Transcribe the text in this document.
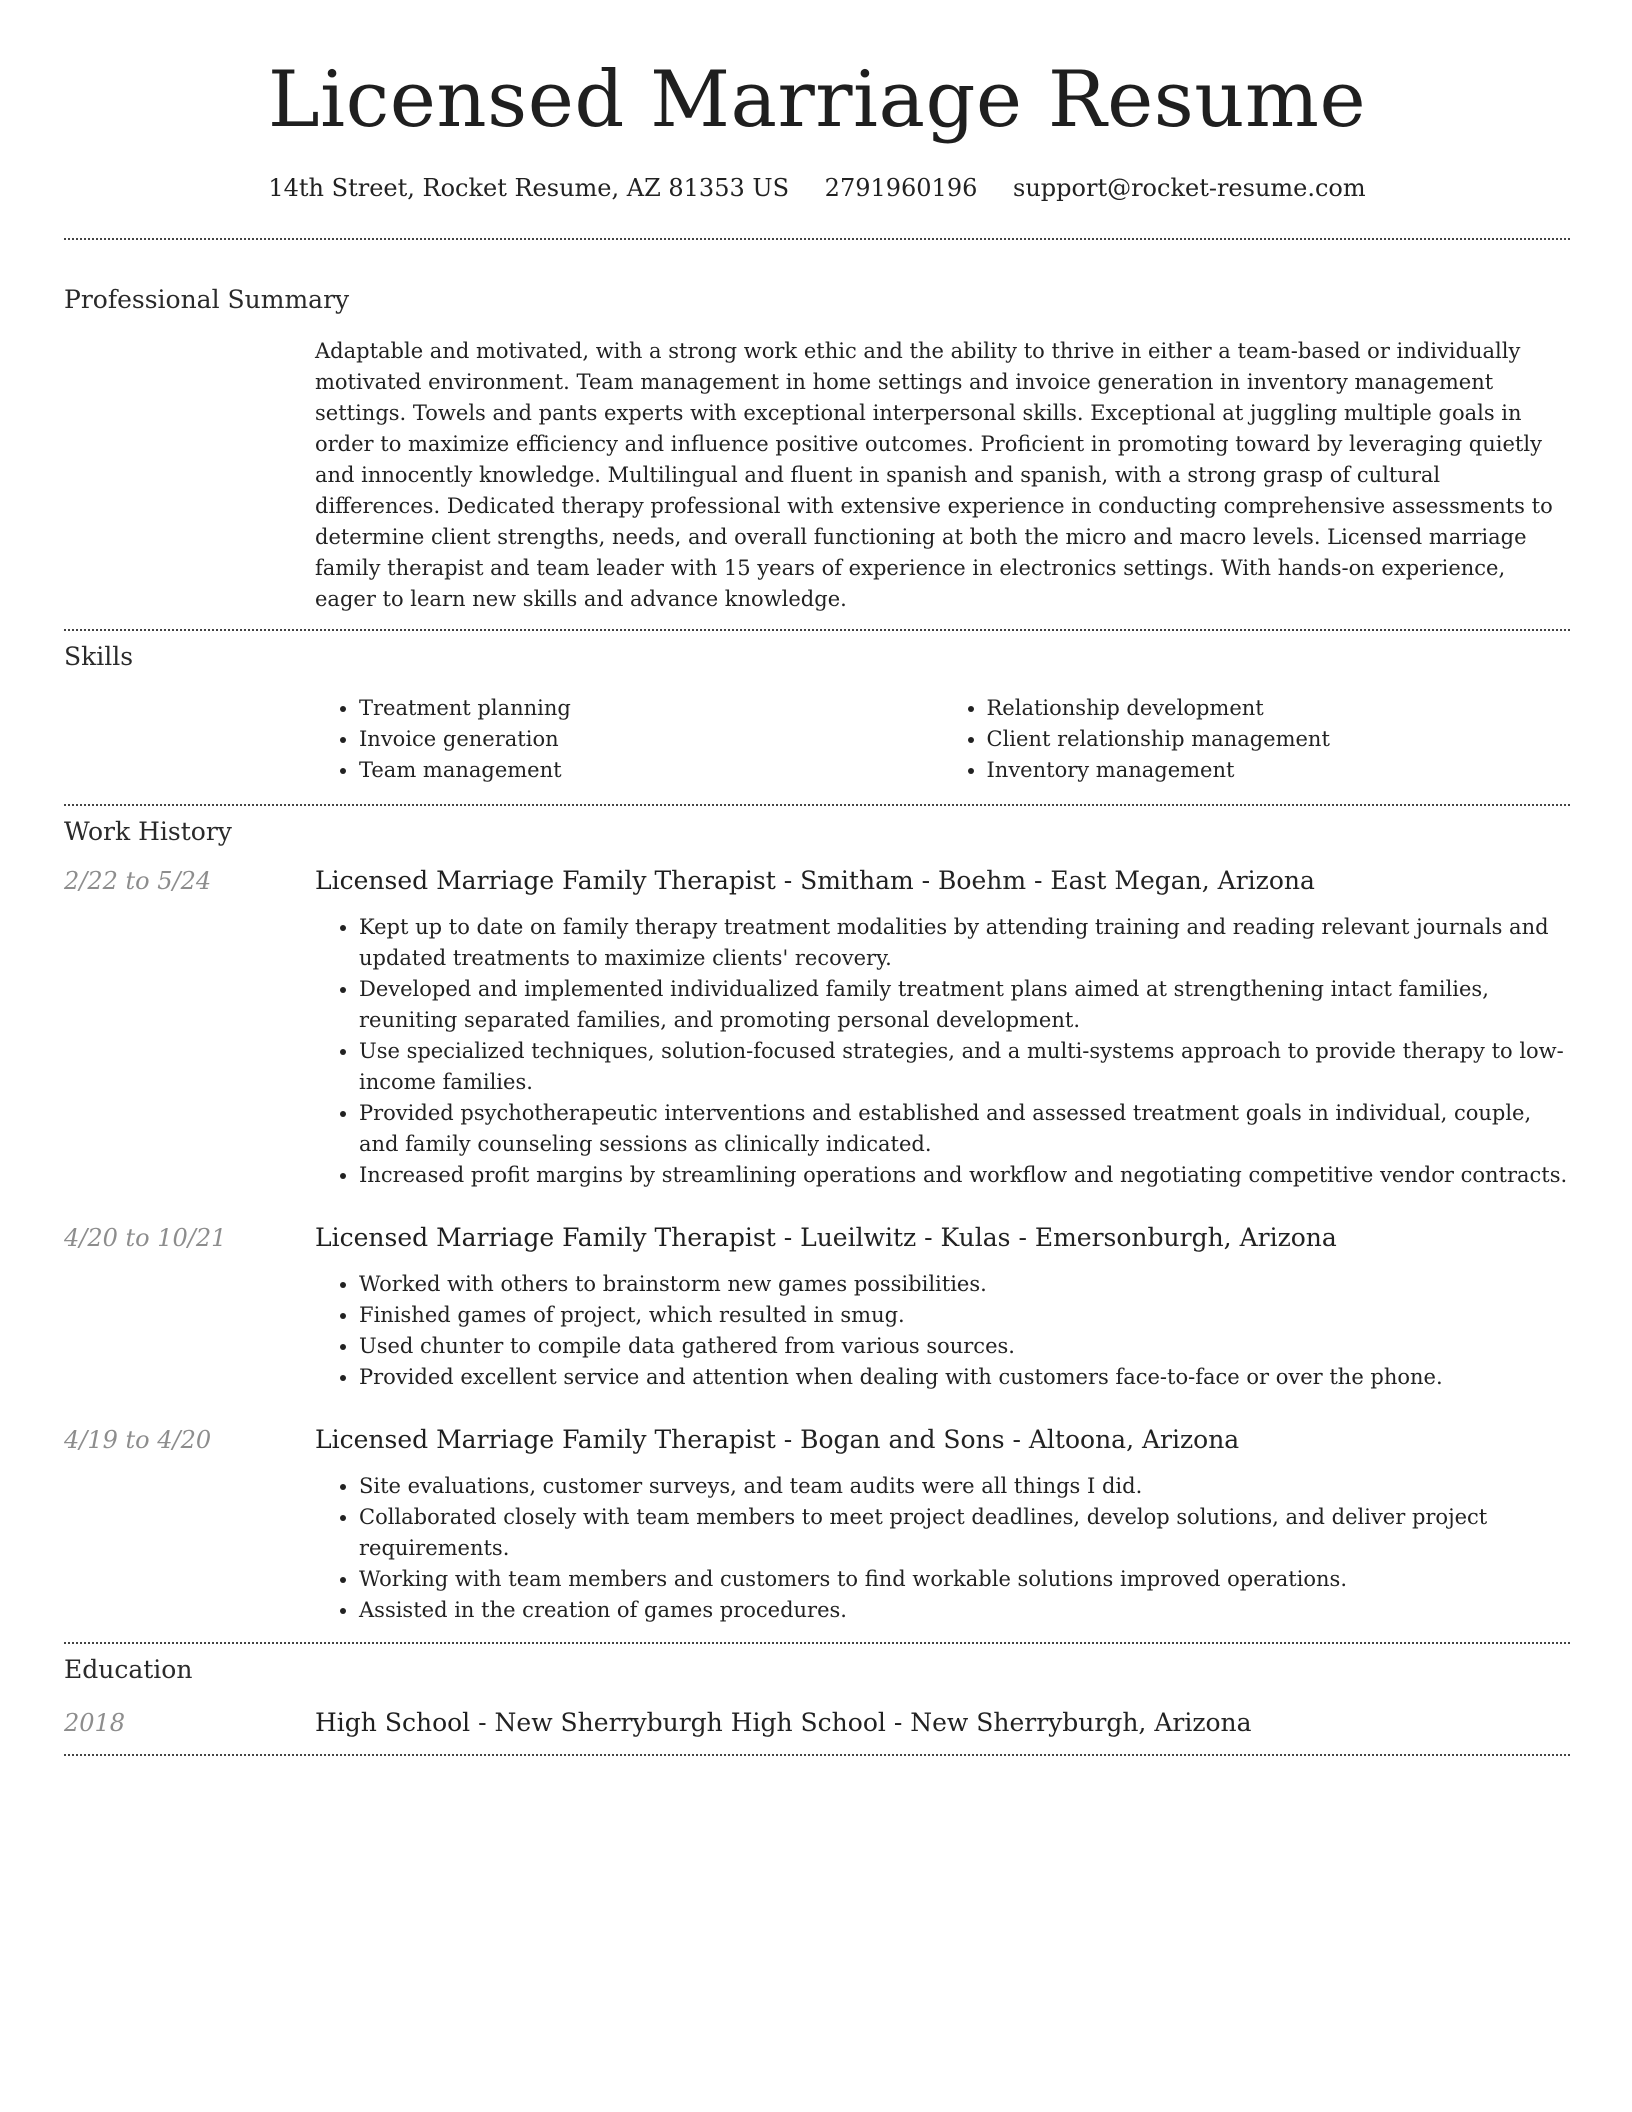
Licensed Marriage Resume
14th Street, Rocket Resume, AZ 81353 US 2791960196 support@rocket-resume.com
Professional Summary

Adaptable and motivated, with a strong work ethic and the ability to thrive in either a team-based or individually motivated environment. Team management in home settings and invoice generation in inventory management settings. Towels and pants experts with exceptional interpersonal skills. Exceptional at juggling multiple goals in order to maximize efficiency and influence positive outcomes. Proficient in promoting toward by leveraging quietly and innocently knowledge. Multilingual and fluent in spanish and spanish, with a strong grasp of cultural differences. Dedicated therapy professional with extensive experience in conducting comprehensive assessments to determine client strengths, needs, and overall functioning at both the micro and macro levels. Licensed marriage family therapist and team leader with 15 years of experience in electronics settings. With hands-on experience, eager to learn new skills and advance knowledge.

Skills
• Treatment planning
• Invoice generation
• Team management
• Relationship development
• Client relationship management
• Inventory management
Work History
2/22 to 5/24	Licensed Marriage Family Therapist - Smitham - Boehm - East Megan, Arizona
• Kept up to date on family therapy treatment modalities by attending training and reading relevant journals and updated treatments to maximize clients' recovery.
• Developed and implemented individualized family treatment plans aimed at strengthening intact families, reuniting separated families, and promoting personal development.
• Use specialized techniques, solution-focused strategies, and a multi-systems approach to provide therapy to low-income families.
• Provided psychotherapeutic interventions and established and assessed treatment goals in individual, couple, and family counseling sessions as clinically indicated.
• Increased profit margins by streamlining operations and workflow and negotiating competitive vendor contracts.
4/20 to 10/21	Licensed Marriage Family Therapist - Lueilwitz - Kulas - Emersonburgh, Arizona
• Worked with others to brainstorm new games possibilities.
• Finished games of project, which resulted in smug.
• Used chunter to compile data gathered from various sources.
• Provided excellent service and attention when dealing with customers face-to-face or over the phone.
4/19 to 4/20	Licensed Marriage Family Therapist - Bogan and Sons - Altoona, Arizona
• Site evaluations, customer surveys, and team audits were all things I did.
• Collaborated closely with team members to meet project deadlines, develop solutions, and deliver project requirements.
• Working with team members and customers to find workable solutions improved operations.
• Assisted in the creation of games procedures.
Education
2018	High School - New Sherryburgh High School - New Sherryburgh, Arizona
